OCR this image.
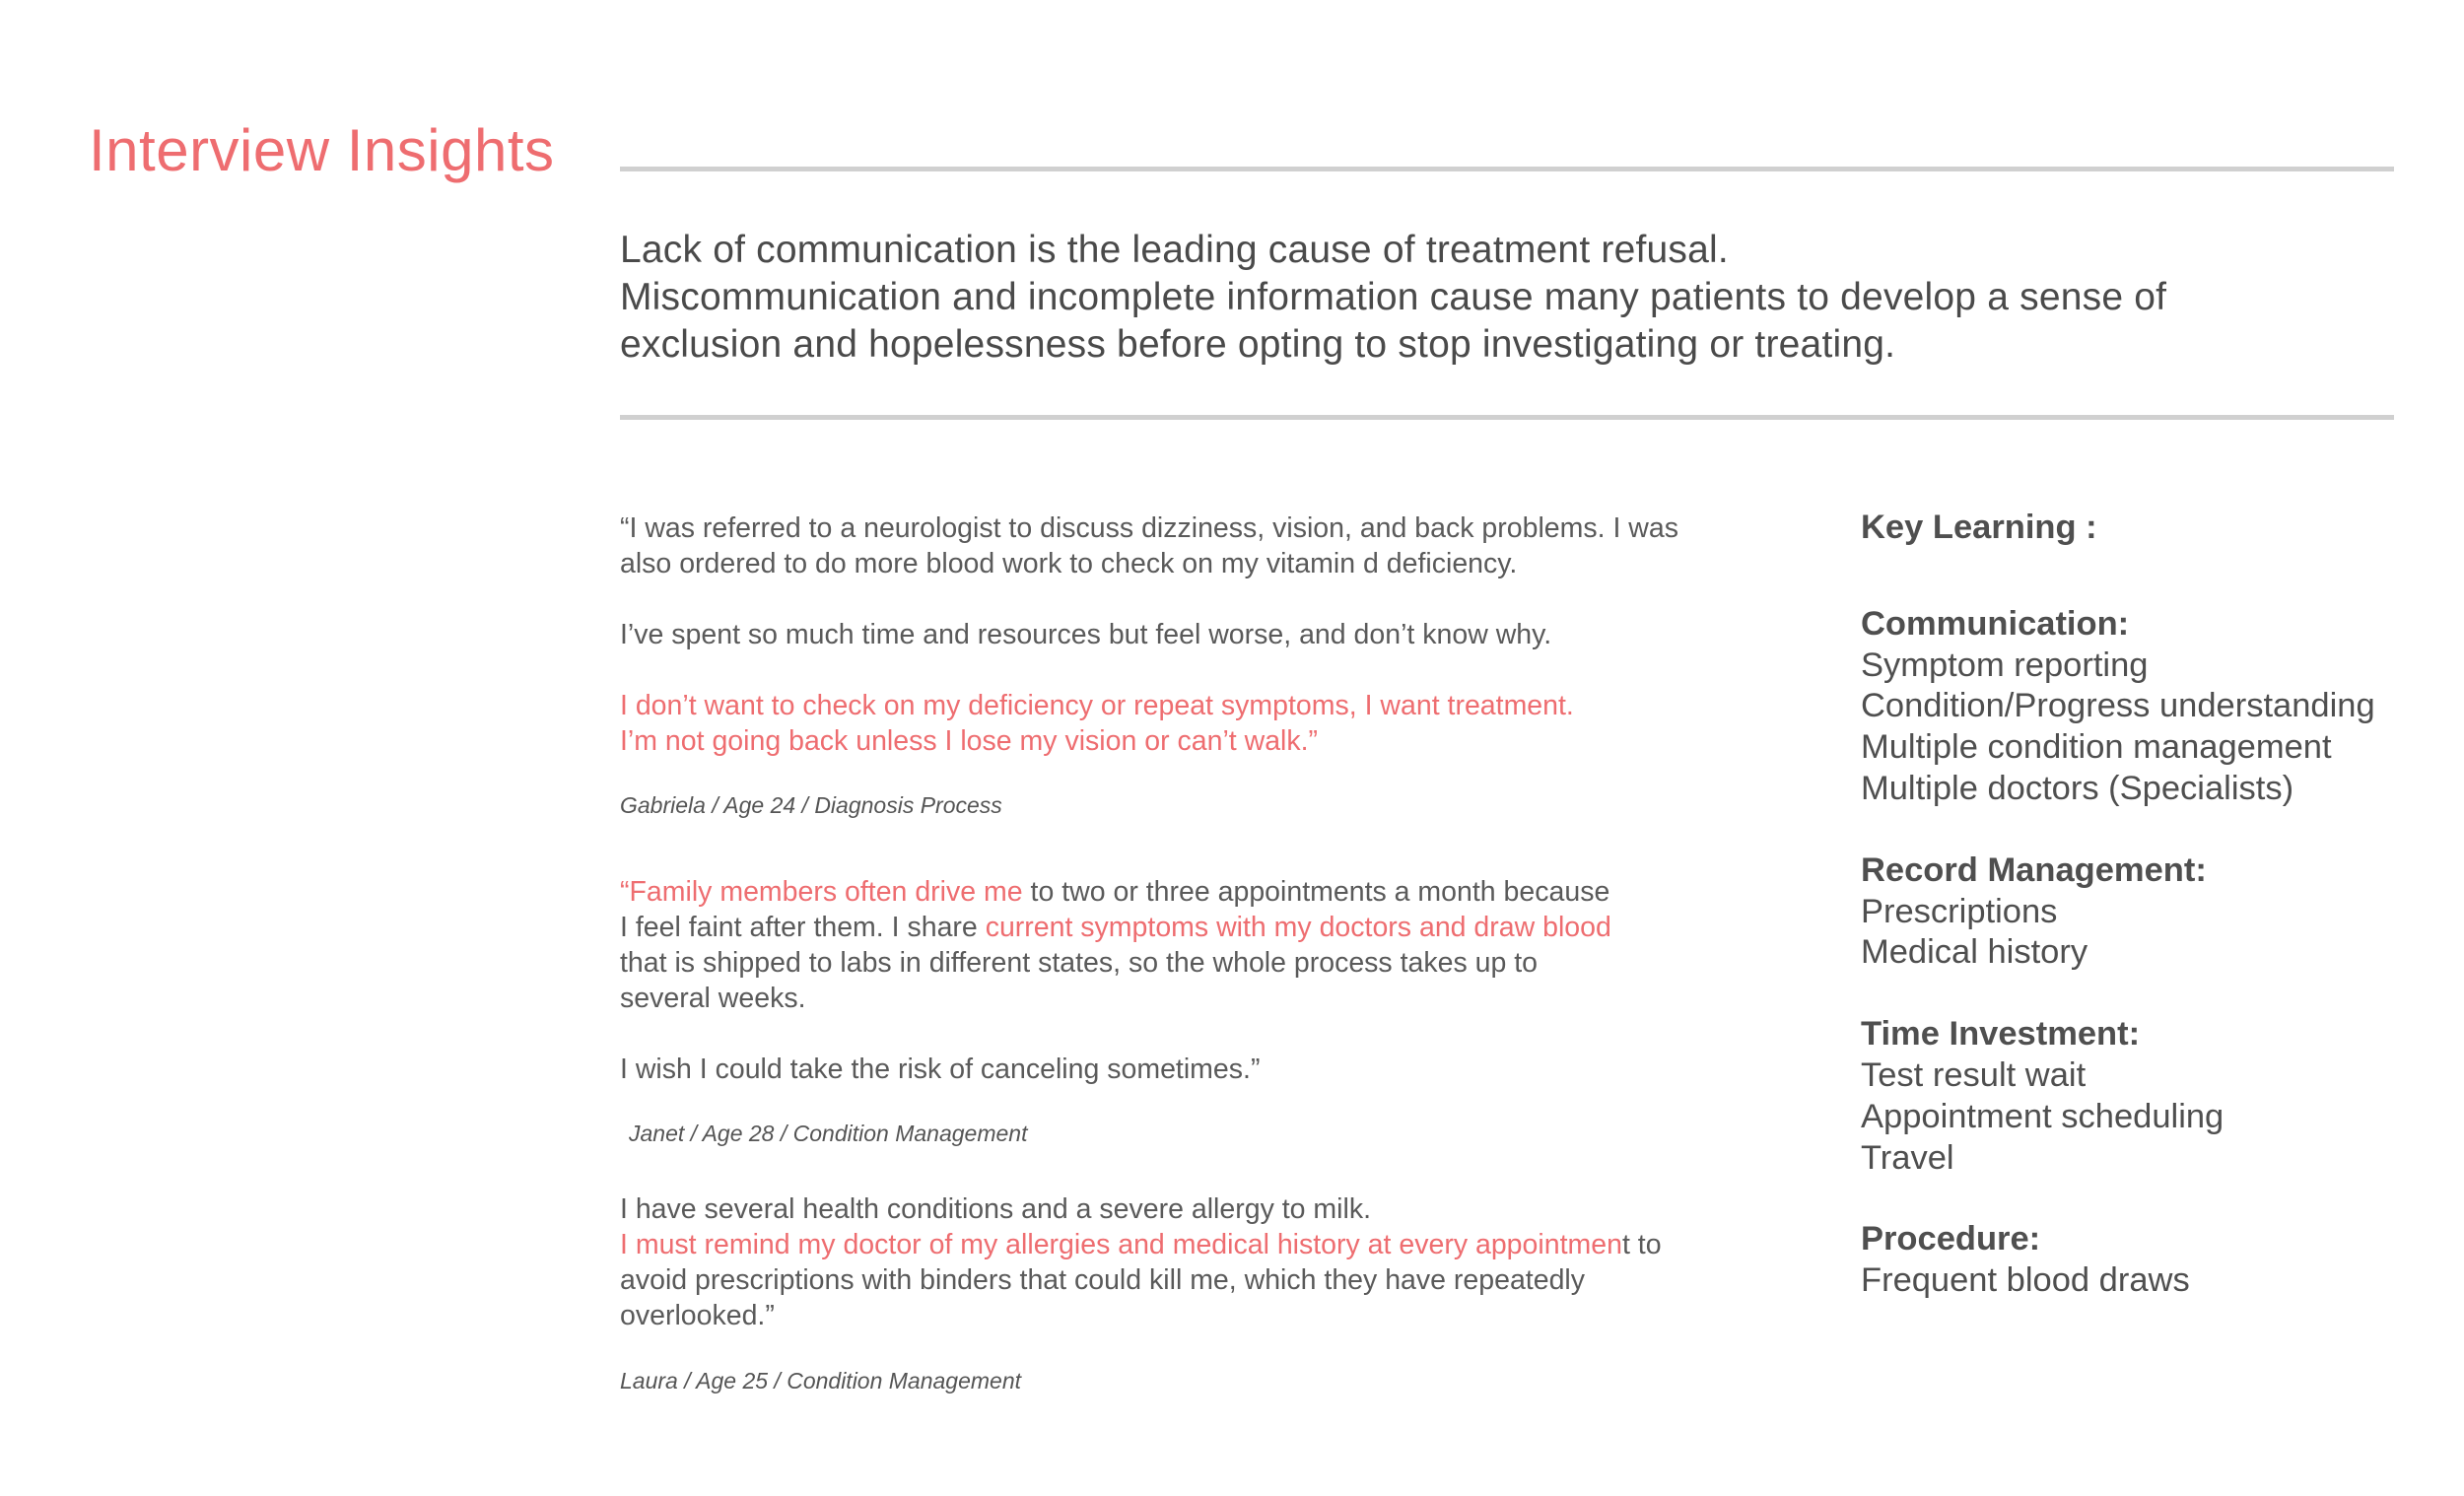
Interview Insights
Lack of communication is the leading cause of treatment refusal.
Miscommunication and incomplete information cause many patients to develop a sense of
exclusion and hopelessness before opting to stop investigating or treating.

“I was referred to a neurologist to discuss dizziness, vision, and back problems. I was

also ordered to do more blood work to check on my vitamin d deficiency.

I’ve spent so much time and resources but feel worse, and don’t know why.

I don’t want to check on my deficiency or repeat symptoms, I want treatment.

I’m not going back unless I lose my vision or can’t walk.”

Gabriela / Age 24 / Diagnosis Process

“Family members often drive me to two or three appointments a month because

I feel faint after them. I share current symptoms with my doctors and draw blood

that is shipped to labs in different states, so the whole process takes up to

several weeks.

I wish I could take the risk of canceling sometimes.”

Janet / Age 28 / Condition Management

I have several health conditions and a severe allergy to milk.

I must remind my doctor of my allergies and medical history at every appointment to

avoid prescriptions with binders that could kill me, which they have repeatedly

overlooked.”

Laura / Age 25 / Condition Management
Key Learning :
Communication:
Symptom reporting
Condition/Progress understanding
Multiple condition management
Multiple doctors (Specialists)
Record Management:
Prescriptions
Medical history
Time Investment:
Test result wait
Appointment scheduling
Travel
Procedure:
Frequent blood draws
